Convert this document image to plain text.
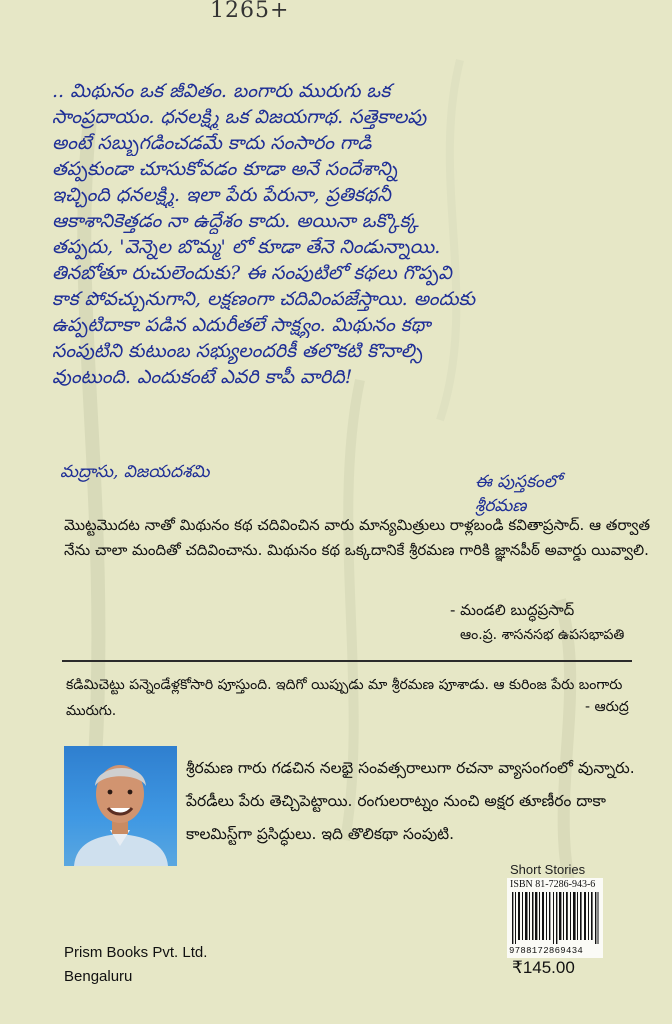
1265+
.. మిథునం ఒక జీవితం. బంగారు మురుగు ఒక
సాంప్రదాయం. ధనలక్ష్మి ఒక విజయగాథ. సత్తెకాలపు
అంటే సబ్బుగడించడమే కాదు సంసారం గాడి
తప్పకుండా చూసుకోవడం కూడా అనే సందేశాన్ని
ఇచ్చింది ధనలక్ష్మి. ఇలా పేరు పేరునా, ప్రతికథనీ
ఆకాశానికెత్తడం నా ఉద్దేశం కాదు. అయినా ఒక్కొక్క
తప్పదు, 'వెన్నెల బొమ్మ' లో కూడా తేనె నిండున్నాయి.
తినబోతూ రుచులెందుకు? ఈ సంపుటిలో కథలు గొప్పవి
కాక పోవచ్చునుగాని, లక్షణంగా చదివింపజేస్తాయి. అందుకు
ఉప్పటిదాకా పడిన ఎదురీతలే సాక్ష్యం. మిథునం కథా
సంపుటిని కుటుంబ సభ్యులందరికీ తలొకటి కొనాల్సి
వుంటుంది. ఎందుకంటే ఎవరి కాపీ వారిది!
మద్రాసు, విజయదశమి	ఈ పుస్తకంలో
శ్రీరమణ
మొట్టమొదట నాతో మిథునం కథ చదివించిన వారు మాన్యమిత్రులు రాళ్లబండి కవితాప్రసాద్. ఆ తర్వాత నేను చాలా మందితో చదివించాను. మిథునం కథ ఒక్కదానికే శ్రీరమణ గారికి జ్ఞానపీఠ్ అవార్డు యివ్వాలి.
- మండలి బుద్ధప్రసాద్
ఆం.ప్ర. శాసనసభ ఉపసభాపతి
కడిమిచెట్టు పన్నెండేళ్లకోసారి పూస్తుంది. ఇదిగో యిప్పుడు మా శ్రీరమణ పూశాడు. ఆ కురింజ పేరు బంగారు మురుగు.	- ఆరుద్ర
శ్రీరమణ గారు గడచిన నలభై సంవత్సరాలుగా రచనా వ్యాసంగంలో వున్నారు. పేరడీలు పేరు తెచ్చిపెట్టాయి. రంగులరాట్నం నుంచి అక్షర తూణీరం దాకా కాలమిస్ట్‌గా ప్రసిద్ధులు. ఇది తొలికథా సంపుటి.
Short Stories
ISBN 81-7286-943-6
9788172869434
₹145.00
Prism Books Pvt. Ltd.
Bengaluru
